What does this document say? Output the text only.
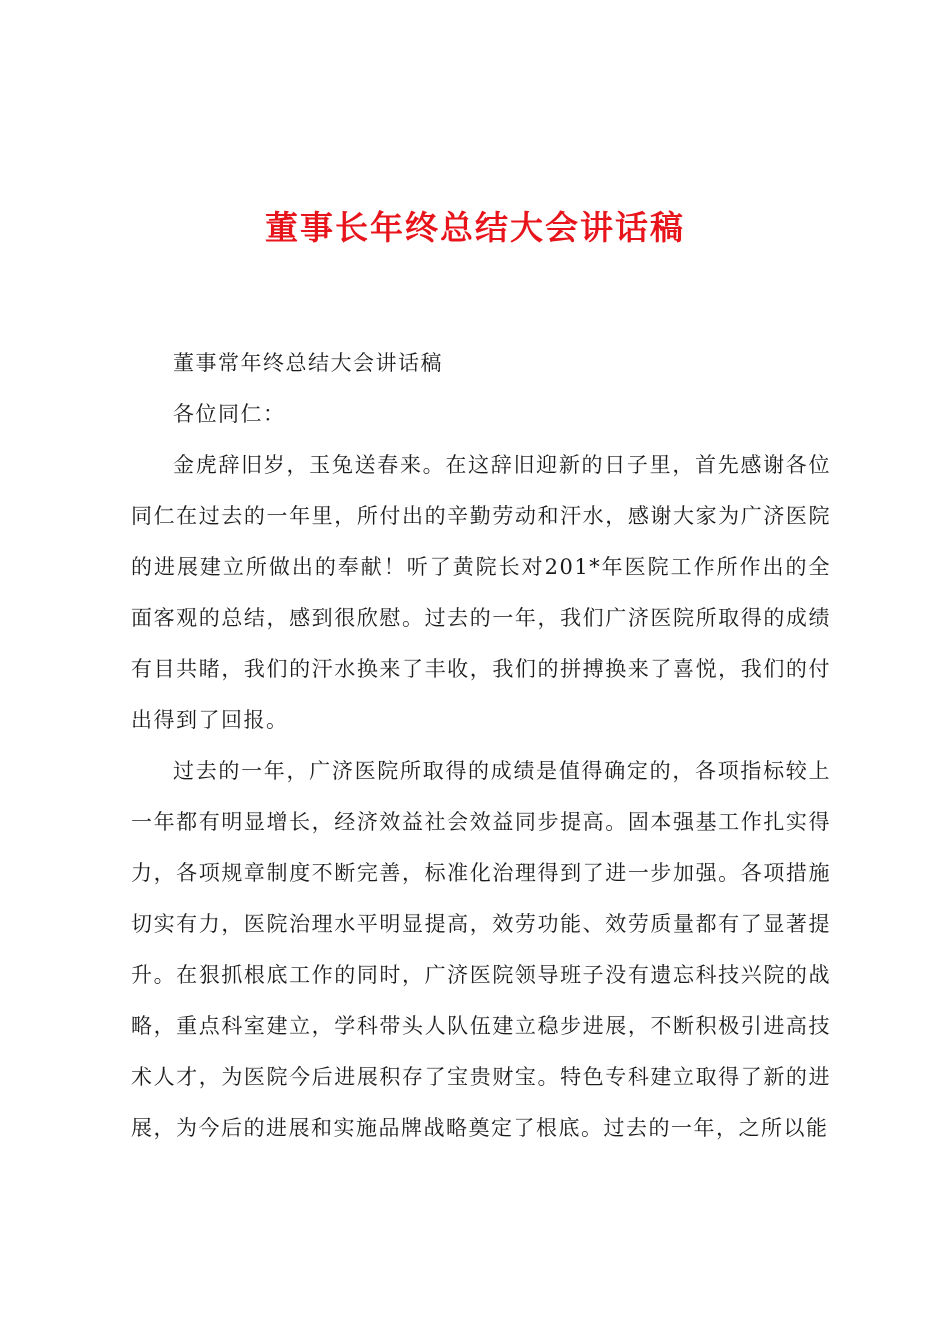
董事长年终总结大会讲话稿

董事常年终总结大会讲话稿

各位同仁：

金虎辞旧岁，玉兔送春来。在这辞旧迎新的日子里，首先感谢各位同仁在过去的一年里，所付出的辛勤劳动和汗水，感谢大家为广济医院的进展建立所做出的奉献！听了黄院长对201*年医院工作所作出的全面客观的总结，感到很欣慰。过去的一年，我们广济医院所取得的成绩有目共睹，我们的汗水换来了丰收，我们的拼搏换来了喜悦，我们的付出得到了回报。

过去的一年，广济医院所取得的成绩是值得确定的，各项指标较上一年都有明显增长，经济效益社会效益同步提高。固本强基工作扎实得力，各项规章制度不断完善，标准化治理得到了进一步加强。各项措施切实有力，医院治理水平明显提高，效劳功能、效劳质量都有了显著提升。在狠抓根底工作的同时，广济医院领导班子没有遗忘科技兴院的战略，重点科室建立，学科带头人队伍建立稳步进展，不断积极引进高技术人才，为医院今后进展积存了宝贵财宝。特色专科建立取得了新的进展，为今后的进展和实施品牌战略奠定了根底。过去的一年，之所以能
